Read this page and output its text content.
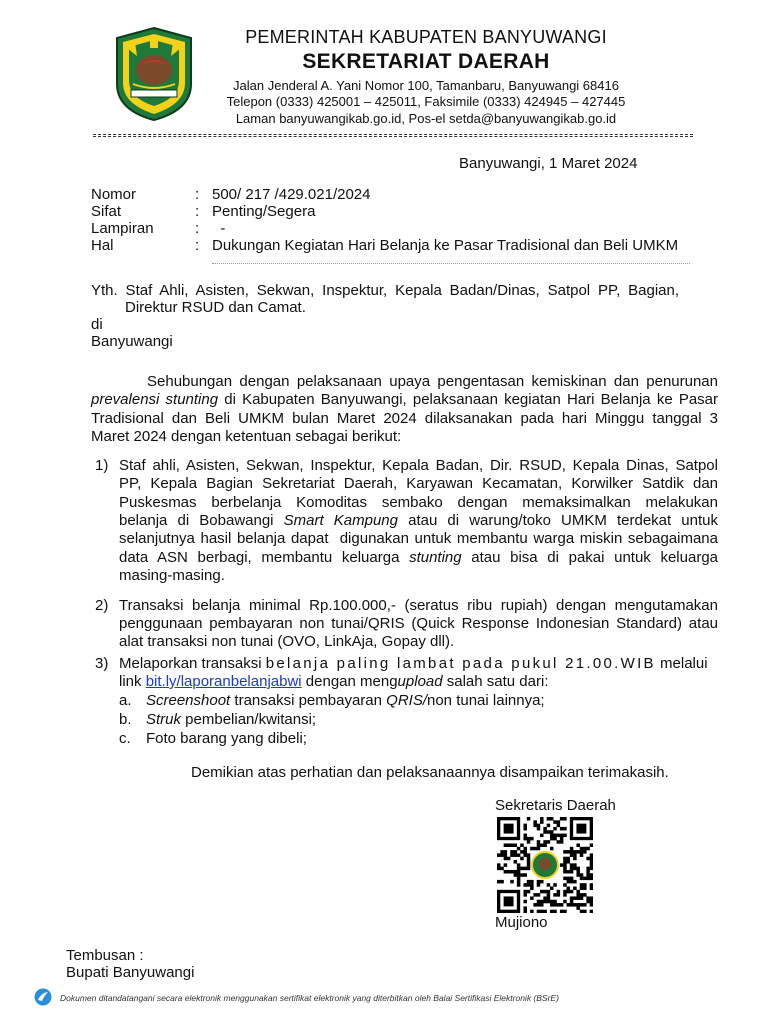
PEMERINTAH KABUPATEN BANYUWANGI
SEKRETARIAT DAERAH
Jalan Jenderal A. Yani Nomor 100, Tamanbaru, Banyuwangi 68416
Telepon (0333) 425001 – 425011, Faksimile (0333) 424945 – 427445
Laman banyuwangikab.go.id, Pos-el setda@banyuwangikab.go.id
Banyuwangi, 1 Maret 2024
Nomor	: 500/ 217 /429.021/2024
Sifat	: Penting/Segera
Lampiran	: -
Hal	: Dukungan Kegiatan Hari Belanja ke Pasar Tradisional dan Beli UMKM
Yth. Staf Ahli, Asisten, Sekwan, Inspektur, Kepala Badan/Dinas, Satpol PP, Bagian,
Direktur RSUD dan Camat.
di
Banyuwangi
Sehubungan dengan pelaksanaan upaya pengentasan kemiskinan dan penurunan
prevalensi stunting di Kabupaten Banyuwangi, pelaksanaan kegiatan Hari Belanja ke Pasar
Tradisional dan Beli UMKM bulan Maret 2024 dilaksanakan pada hari Minggu tanggal 3
Maret 2024 dengan ketentuan sebagai berikut:
1) Staf ahli, Asisten, Sekwan, Inspektur, Kepala Badan, Dir. RSUD, Kepala Dinas, Satpol
PP, Kepala Bagian Sekretariat Daerah, Karyawan Kecamatan, Korwilker Satdik dan
Puskesmas berbelanja Komoditas sembako dengan memaksimalkan melakukan
belanja di Bobawangi Smart Kampung atau di warung/toko UMKM terdekat untuk
selanjutnya hasil belanja dapat  digunakan untuk membantu warga miskin sebagaimana
data ASN berbagi, membantu keluarga stunting atau bisa di pakai untuk keluarga
masing-masing.
2) Transaksi belanja minimal Rp.100.000,- (seratus ribu rupiah) dengan mengutamakan
penggunaan pembayaran non tunai/QRIS (Quick Response Indonesian Standard) atau
alat transaksi non tunai (OVO, LinkAja, Gopay dll).
3) Melaporkan transaksi belanja paling lambat pada pukul 21.00.WIB melalui
link bit.ly/laporanbelanjabwi dengan mengupload salah satu dari:
a. Screenshoot transaksi pembayaran QRIS/non tunai lainnya;
b. Struk pembelian/kwitansi;
c. Foto barang yang dibeli;
Demikian atas perhatian dan pelaksanaannya disampaikan terimakasih.
Sekretaris Daerah
Mujiono
Tembusan :
Bupati Banyuwangi
Dokumen ditandatangani secara elektronik menggunakan sertifikat elektronik yang diterbitkan oleh Balai Sertifikasi Elektronik (BSrE)
